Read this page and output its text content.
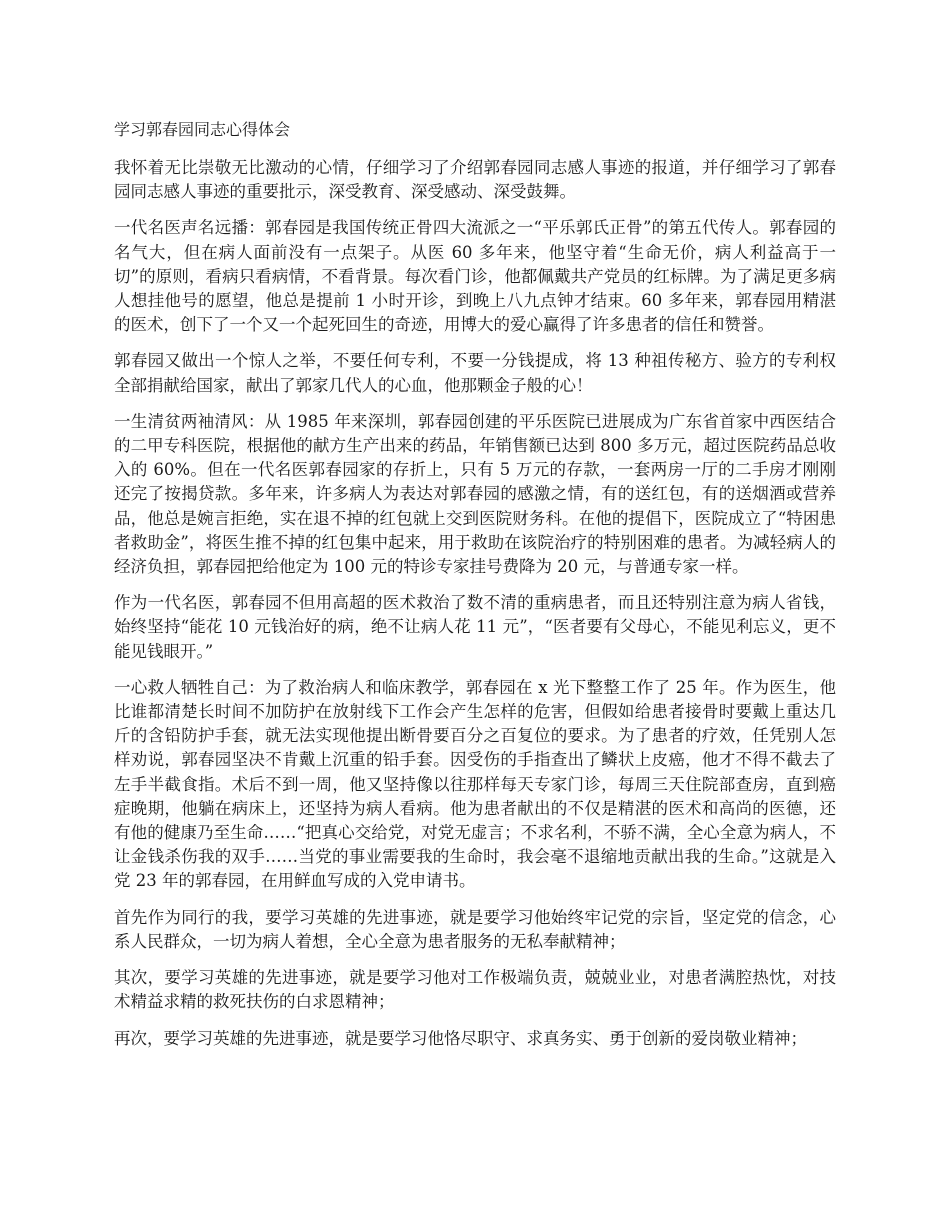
学习郭春园同志心得体会

我怀着无比崇敬无比激动的心情，仔细学习了介绍郭春园同志感人事迹的报道，并仔细学习了郭春园同志感人事迹的重要批示，深受教育、深受感动、深受鼓舞。

一代名医声名远播：郭春园是我国传统正骨四大流派之一“平乐郭氏正骨”的第五代传人。郭春园的名气大，但在病人面前没有一点架子。从医 60 多年来，他坚守着“生命无价，病人利益高于一切”的原则，看病只看病情，不看背景。每次看门诊，他都佩戴共产党员的红标牌。为了满足更多病人想挂他号的愿望，他总是提前 1 小时开诊，到晚上八九点钟才结束。60 多年来，郭春园用精湛的医术，创下了一个又一个起死回生的奇迹，用博大的爱心赢得了许多患者的信任和赞誉。

郭春园又做出一个惊人之举，不要任何专利，不要一分钱提成，将 13 种祖传秘方、验方的专利权全部捐献给国家，献出了郭家几代人的心血，他那颗金子般的心！

一生清贫两袖清风：从 1985 年来深圳，郭春园创建的平乐医院已进展成为广东省首家中西医结合的二甲专科医院，根据他的献方生产出来的药品，年销售额已达到 800 多万元，超过医院药品总收入的 60%。但在一代名医郭春园家的存折上，只有 5 万元的存款，一套两房一厅的二手房才刚刚还完了按揭贷款。多年来，许多病人为表达对郭春园的感激之情，有的送红包，有的送烟酒或营养品，他总是婉言拒绝，实在退不掉的红包就上交到医院财务科。在他的提倡下，医院成立了“特困患者救助金”，将医生推不掉的红包集中起来，用于救助在该院治疗的特别困难的患者。为减轻病人的经济负担，郭春园把给他定为 100 元的特诊专家挂号费降为 20 元，与普通专家一样。

作为一代名医，郭春园不但用高超的医术救治了数不清的重病患者，而且还特别注意为病人省钱，始终坚持“能花 10 元钱治好的病，绝不让病人花 11 元”，“医者要有父母心，不能见利忘义，更不能见钱眼开。”

一心救人牺牲自己：为了救治病人和临床教学，郭春园在 x 光下整整工作了 25 年。作为医生，他比谁都清楚长时间不加防护在放射线下工作会产生怎样的危害，但假如给患者接骨时要戴上重达几斤的含铅防护手套，就无法实现他提出断骨要百分之百复位的要求。为了患者的疗效，任凭别人怎样劝说，郭春园坚决不肯戴上沉重的铅手套。因受伤的手指查出了鳞状上皮癌，他才不得不截去了左手半截食指。术后不到一周，他又坚持像以往那样每天专家门诊，每周三天住院部查房，直到癌症晚期，他躺在病床上，还坚持为病人看病。他为患者献出的不仅是精湛的医术和高尚的医德，还有他的健康乃至生命……“把真心交给党，对党无虚言；不求名利，不骄不满，全心全意为病人，不让金钱杀伤我的双手……当党的事业需要我的生命时，我会毫不退缩地贡献出我的生命。”这就是入党 23 年的郭春园，在用鲜血写成的入党申请书。

首先作为同行的我，要学习英雄的先进事迹，就是要学习他始终牢记党的宗旨，坚定党的信念，心系人民群众，一切为病人着想，全心全意为患者服务的无私奉献精神；

其次，要学习英雄的先进事迹，就是要学习他对工作极端负责，兢兢业业，对患者满腔热忱，对技术精益求精的救死扶伤的白求恩精神；

再次，要学习英雄的先进事迹，就是要学习他恪尽职守、求真务实、勇于创新的爱岗敬业精神；
